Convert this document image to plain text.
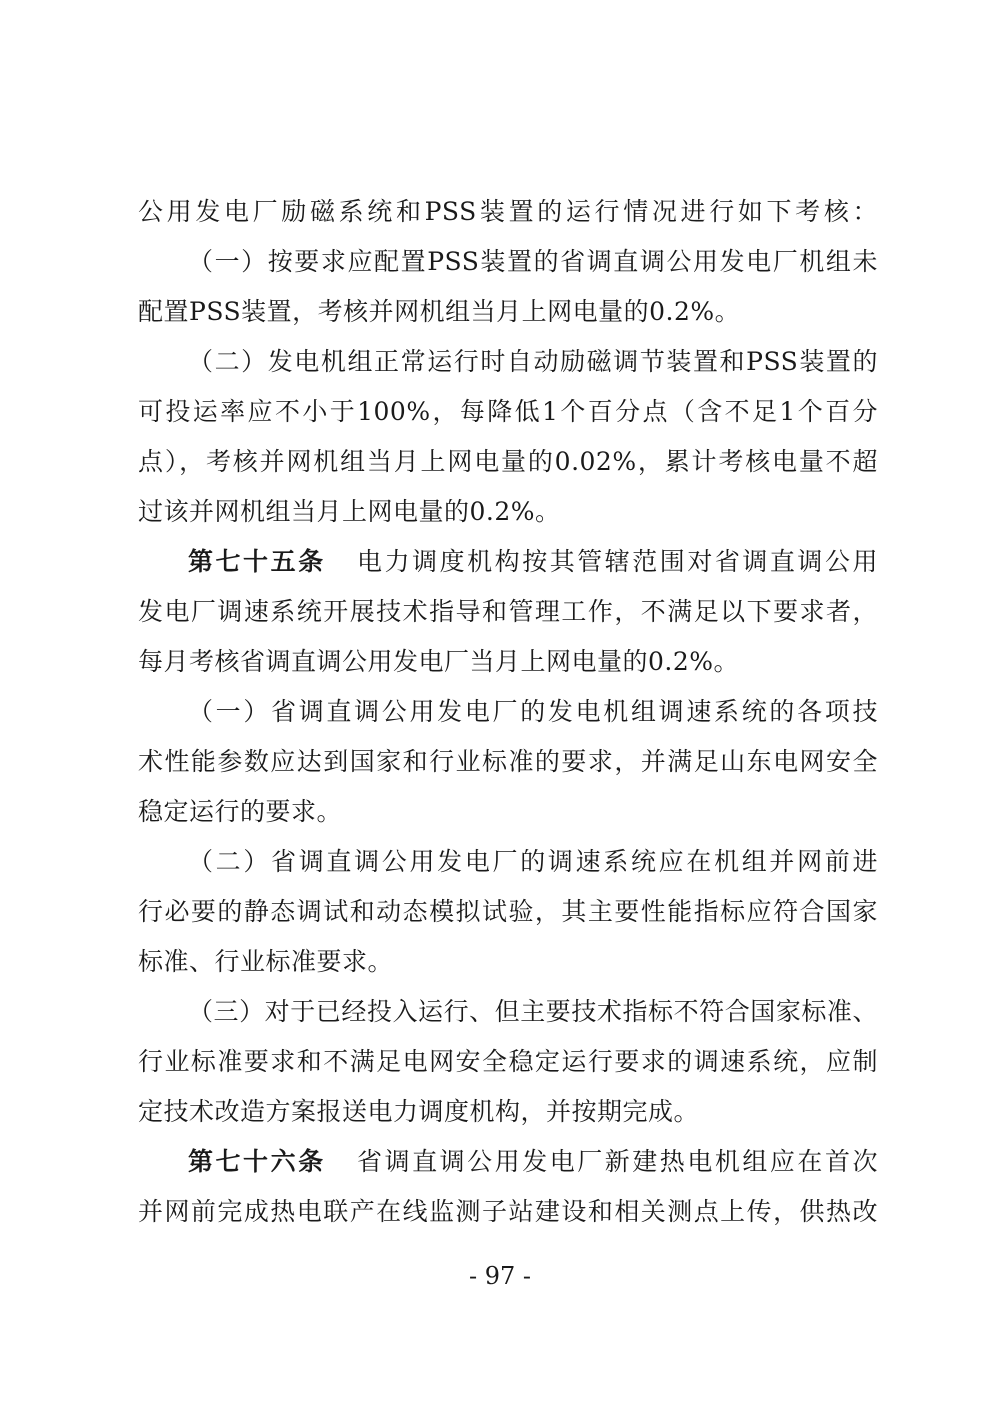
公用发电厂励磁系统和PSS装置的运行情况进行如下考核：
（一）按要求应配置PSS装置的省调直调公用发电厂机组未
配置PSS装置，考核并网机组当月上网电量的0.2%。
（二）发电机组正常运行时自动励磁调节装置和PSS装置的
可投运率应不小于100%，每降低1个百分点（含不足1个百分
点），考核并网机组当月上网电量的0.02%，累计考核电量不超
过该并网机组当月上网电量的0.2%。
第七十五条 电力调度机构按其管辖范围对省调直调公用
发电厂调速系统开展技术指导和管理工作，不满足以下要求者，
每月考核省调直调公用发电厂当月上网电量的0.2%。
（一）省调直调公用发电厂的发电机组调速系统的各项技
术性能参数应达到国家和行业标准的要求，并满足山东电网安全
稳定运行的要求。
（二）省调直调公用发电厂的调速系统应在机组并网前进
行必要的静态调试和动态模拟试验，其主要性能指标应符合国家
标准、行业标准要求。
（三）对于已经投入运行、但主要技术指标不符合国家标准、
行业标准要求和不满足电网安全稳定运行要求的调速系统，应制
定技术改造方案报送电力调度机构，并按期完成。
第七十六条 省调直调公用发电厂新建热电机组应在首次
并网前完成热电联产在线监测子站建设和相关测点上传，供热改
- 97 -
